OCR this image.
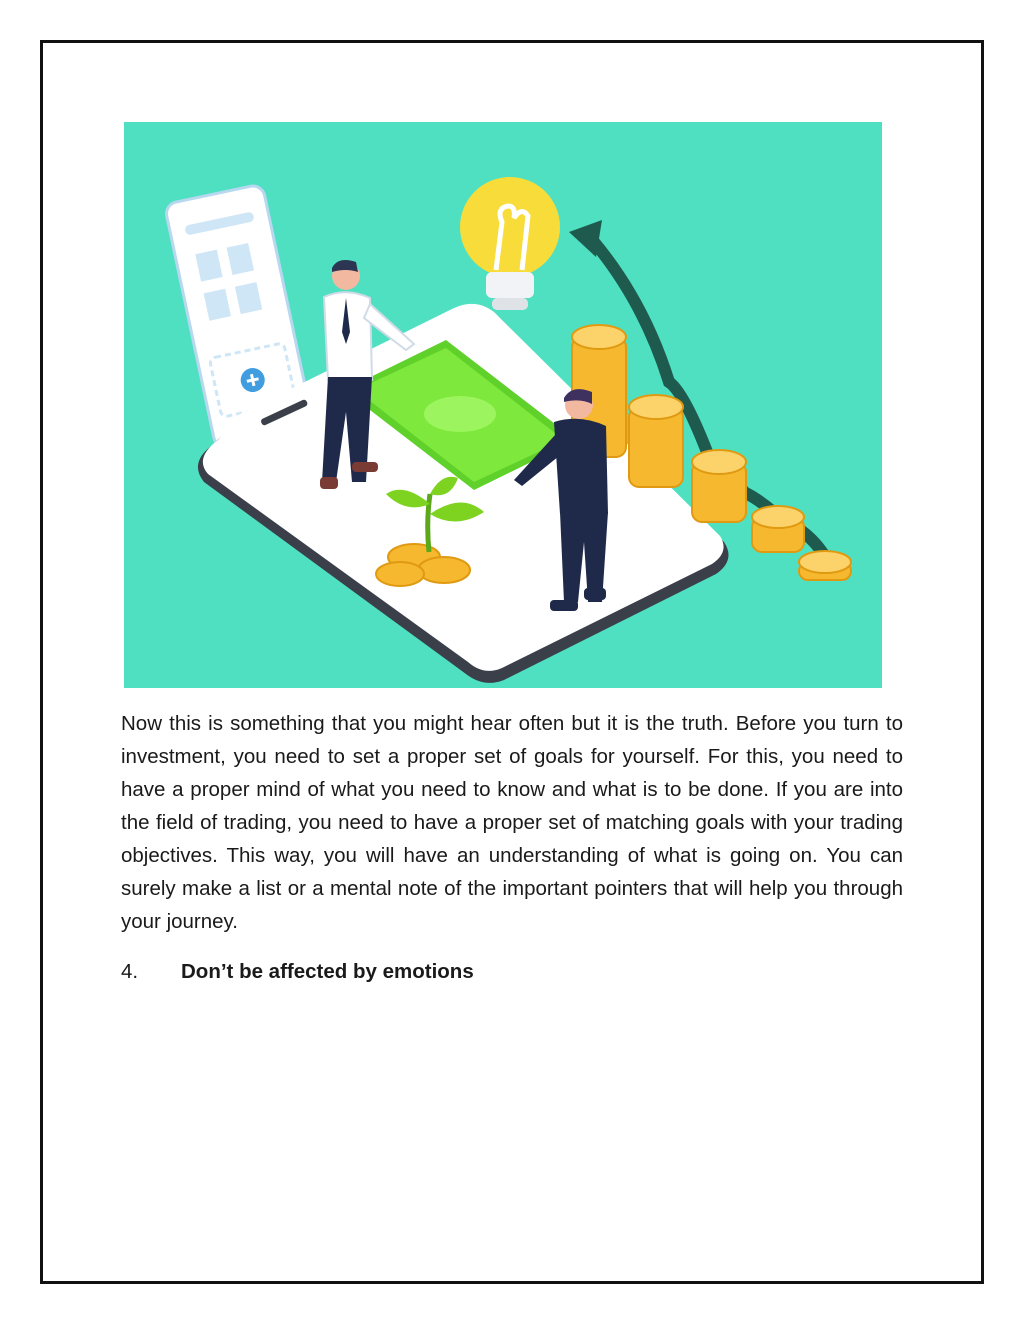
Now this is something that you might hear often but it is the truth. Before you turn to investment, you need to set a proper set of goals for yourself. For this, you need to have a proper mind of what you need to know and what is to be done. If you are into the field of trading, you need to have a proper set of matching goals with your trading objectives. This way, you will have an understanding of what is going on. You can surely make a list or a mental note of the important pointers that will help you through your journey.

4. Don’t be affected by emotions
